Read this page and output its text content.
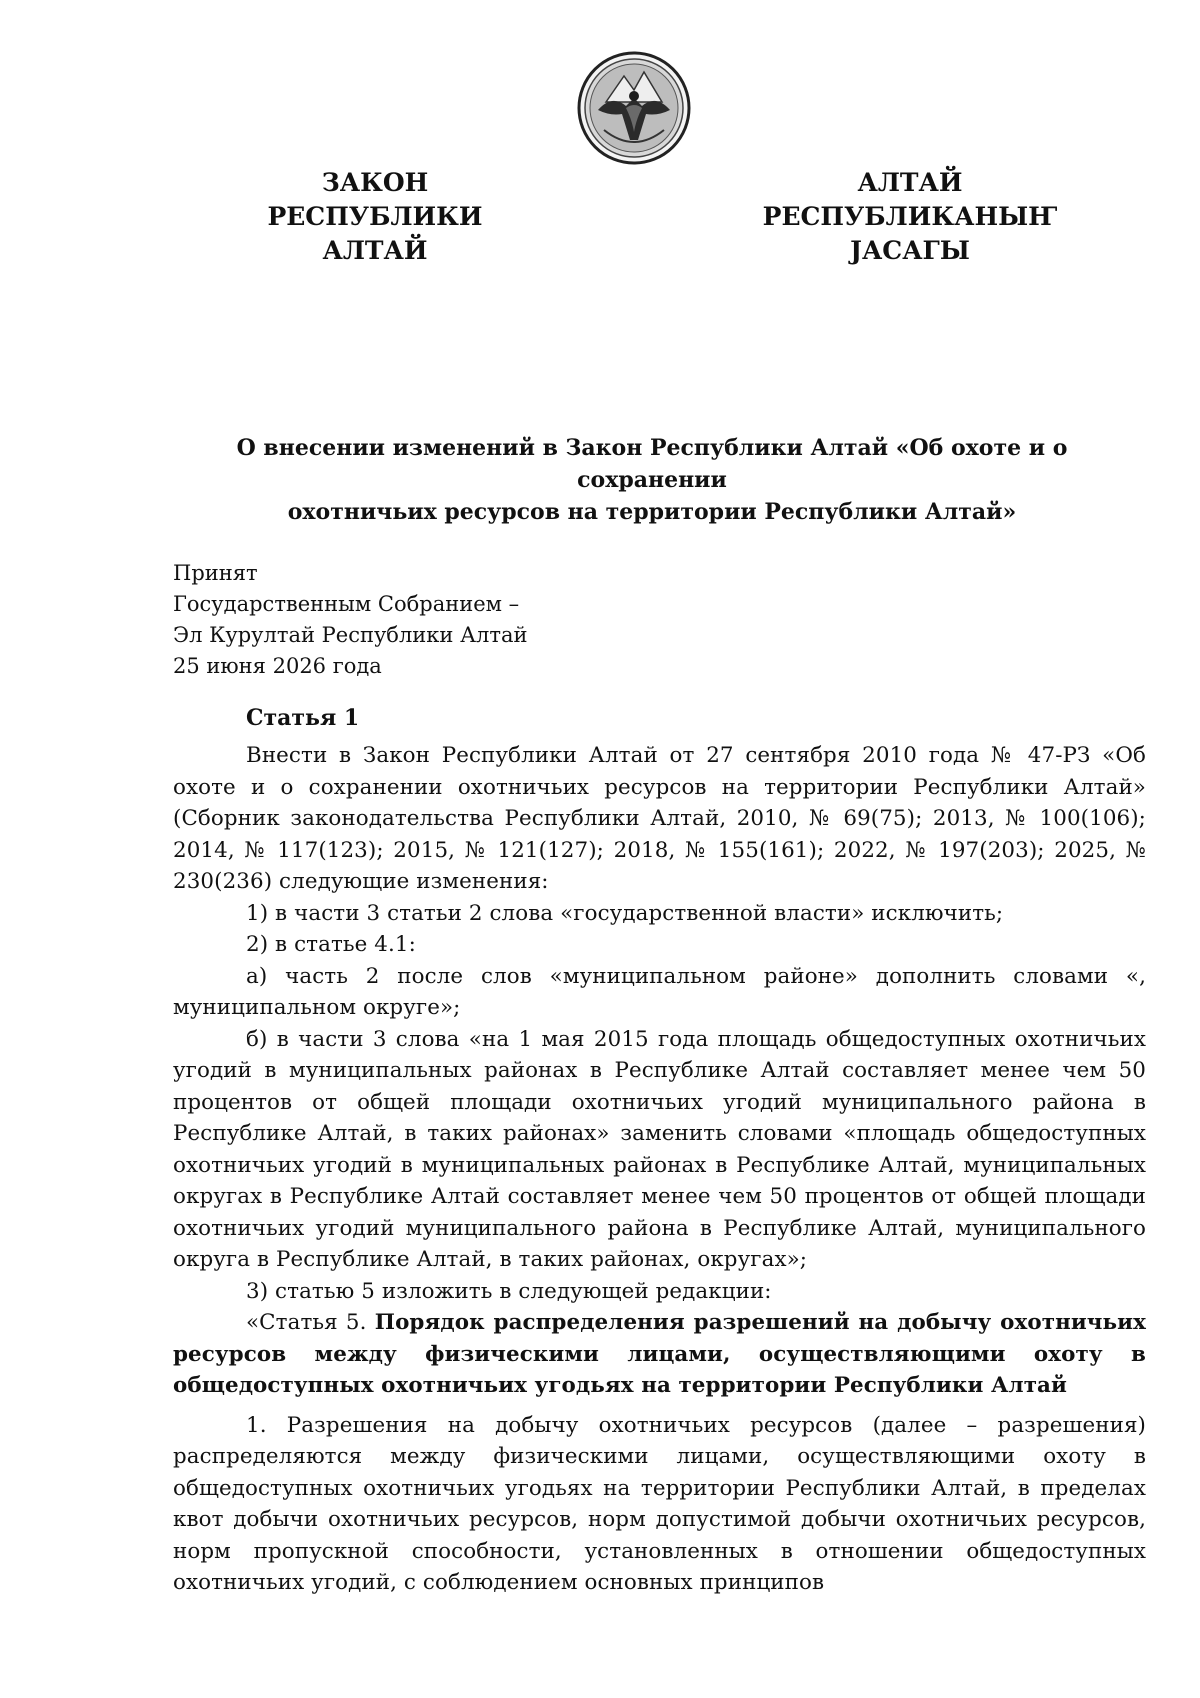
ЗАКОН
РЕСПУБЛИКИ АЛТАЙ
АЛТАЙ РЕСПУБЛИКАНЫҤ
ЈАСАГЫ
О внесении изменений в Закон Республики Алтай «Об охоте и о сохранении
охотничьих ресурсов на территории Республики Алтай»
Принят
Государственным Собранием –
Эл Курултай Республики Алтай
25 июня 2026 года
Статья 1

Внести в Закон Республики Алтай от 27 сентября 2010 года № 47-РЗ «Об охоте и о сохранении охотничьих ресурсов на территории Республики Алтай» (Сборник законодательства Республики Алтай, 2010, № 69(75); 2013, № 100(106); 2014, № 117(123); 2015, № 121(127); 2018, № 155(161); 2022, № 197(203); 2025, № 230(236) следующие изменения:

1) в части 3 статьи 2 слова «государственной власти» исключить;

2) в статье 4.1:

а) часть 2 после слов «муниципальном районе» дополнить словами «, муниципальном округе»;

б) в части 3 слова «на 1 мая 2015 года площадь общедоступных охотничьих угодий в муниципальных районах в Республике Алтай составляет менее чем 50 процентов от общей площади охотничьих угодий муниципального района в Республике Алтай, в таких районах» заменить словами «площадь общедоступных охотничьих угодий в муниципальных районах в Республике Алтай, муниципальных округах в Республике Алтай составляет менее чем 50 процентов от общей площади охотничьих угодий муниципального района в Республике Алтай, муниципального округа в Республике Алтай, в таких районах, округах»;

3) статью 5 изложить в следующей редакции:

«Статья 5. Порядок распределения разрешений на добычу охотничьих ресурсов между физическими лицами, осуществляющими охоту в общедоступных охотничьих угодьях на территории Республики Алтай

1. Разрешения на добычу охотничьих ресурсов (далее – разрешения) распределяются между физическими лицами, осуществляющими охоту в общедоступных охотничьих угодьях на территории Республики Алтай, в пределах квот добычи охотничьих ресурсов, норм допустимой добычи охотничьих ресурсов, норм пропускной способности, установленных в отношении общедоступных охотничьих угодий, с соблюдением основных принципов
